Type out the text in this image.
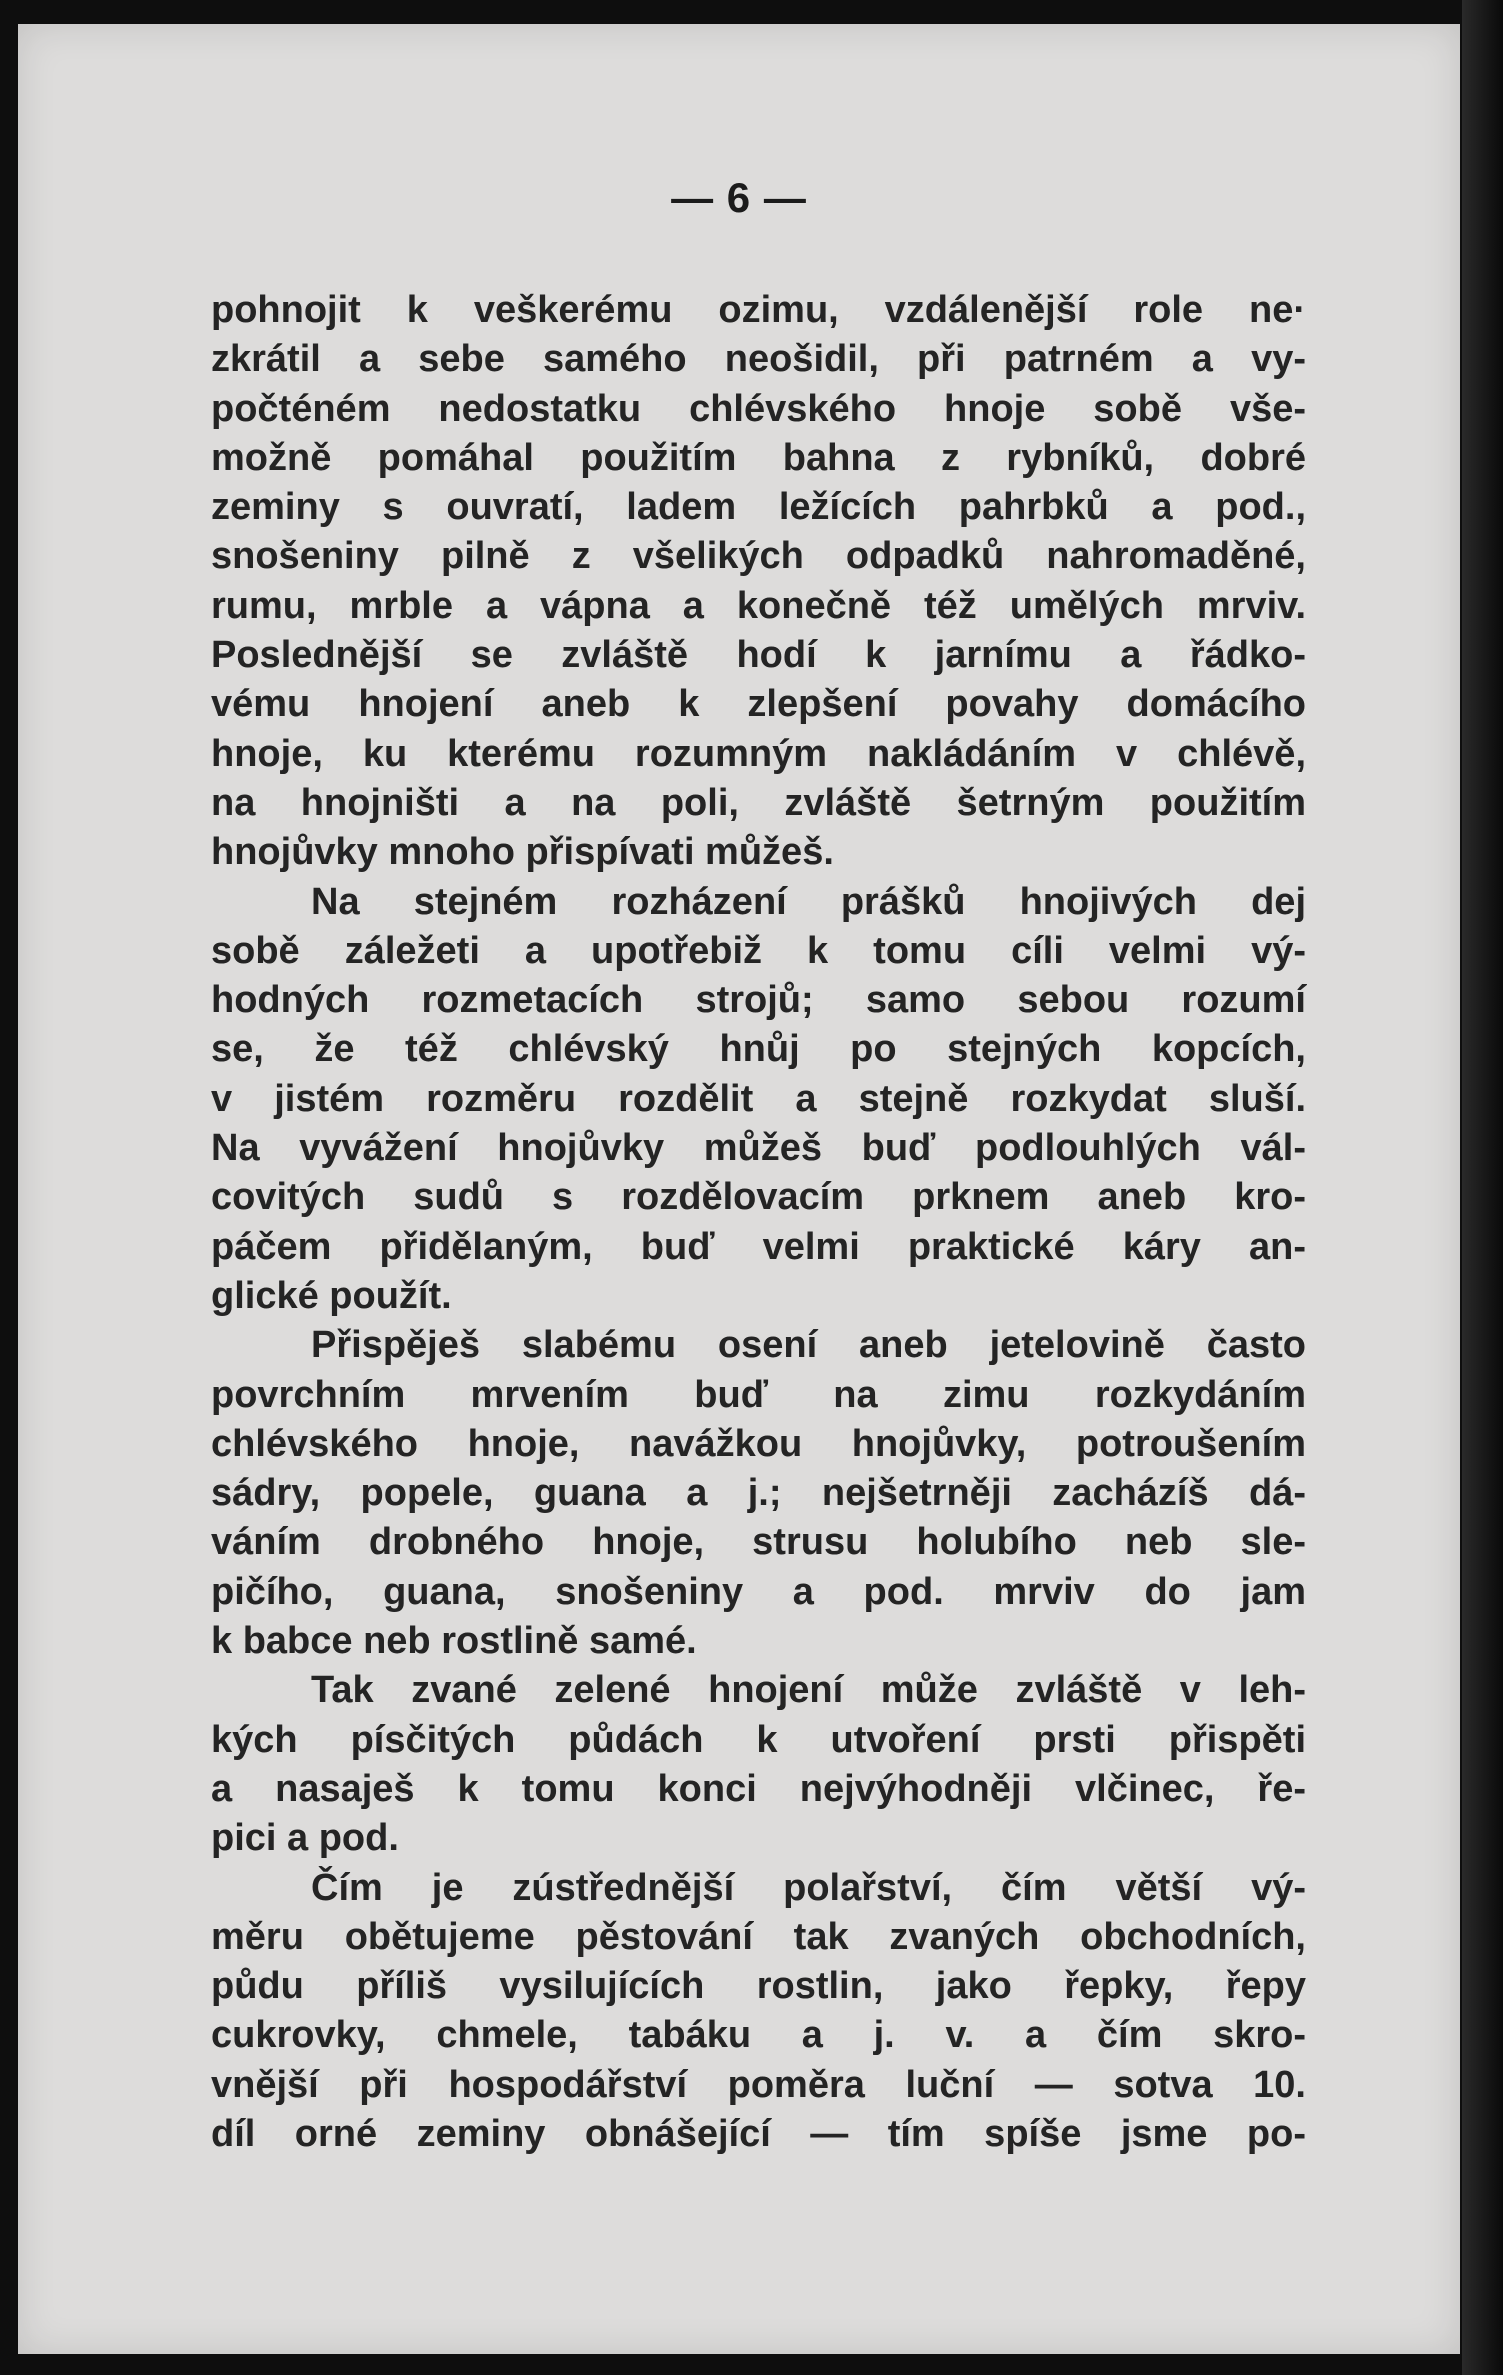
— 6 —
pohnojit k veškerému ozimu, vzdálenější role ne·
zkrátil a sebe samého neošidil, při patrném a vy-
počténém nedostatku chlévského hnoje sobě vše-
možně pomáhal použitím bahna z rybníků, dobré
zeminy s ouvratí, ladem ležících pahrbků a pod.,
snošeniny pilně z všelikých odpadků nahromaděné,
rumu, mrble a vápna a konečně též umělých mrviv.
Poslednější se zvláště hodí k jarnímu a řádko-
vému hnojení aneb k zlepšení povahy domácího
hnoje, ku kterému rozumným nakládáním v chlévě,
na hnojništi a na poli, zvláště šetrným použitím
hnojůvky mnoho přispívati můžeš.
Na stejném rozházení prášků hnojivých dej
sobě záležeti a upotřebiž k tomu cíli velmi vý-
hodných rozmetacích strojů; samo sebou rozumí
se, že též chlévský hnůj po stejných kopcích,
v jistém rozměru rozdělit a stejně rozkydat sluší.
Na vyvážení hnojůvky můžeš buď podlouhlých vál-
covitých sudů s rozdělovacím prknem aneb kro-
páčem přidělaným, buď velmi praktické káry an-
glické použít.
Přispěješ slabému osení aneb jetelovině často
povrchním mrvením buď na zimu rozkydáním
chlévského hnoje, navážkou hnojůvky, potroušením
sádry, popele, guana a j.; nejšetrněji zacházíš dá-
váním drobného hnoje, strusu holubího neb sle-
pičího, guana, snošeniny a pod. mrviv do jam
k babce neb rostlině samé.
Tak zvané zelené hnojení může zvláště v leh-
kých písčitých půdách k utvoření prsti přispěti
a nasaješ k tomu konci nejvýhodněji vlčinec, ře-
pici a pod.
Čím je zústřednější polařství, čím větší vý-
měru obětujeme pěstování tak zvaných obchodních,
půdu příliš vysilujících rostlin, jako řepky, řepy
cukrovky, chmele, tabáku a j. v. a čím skro-
vnější při hospodářství poměra luční — sotva 10.
díl orné zeminy obnášející — tím spíše jsme po-
